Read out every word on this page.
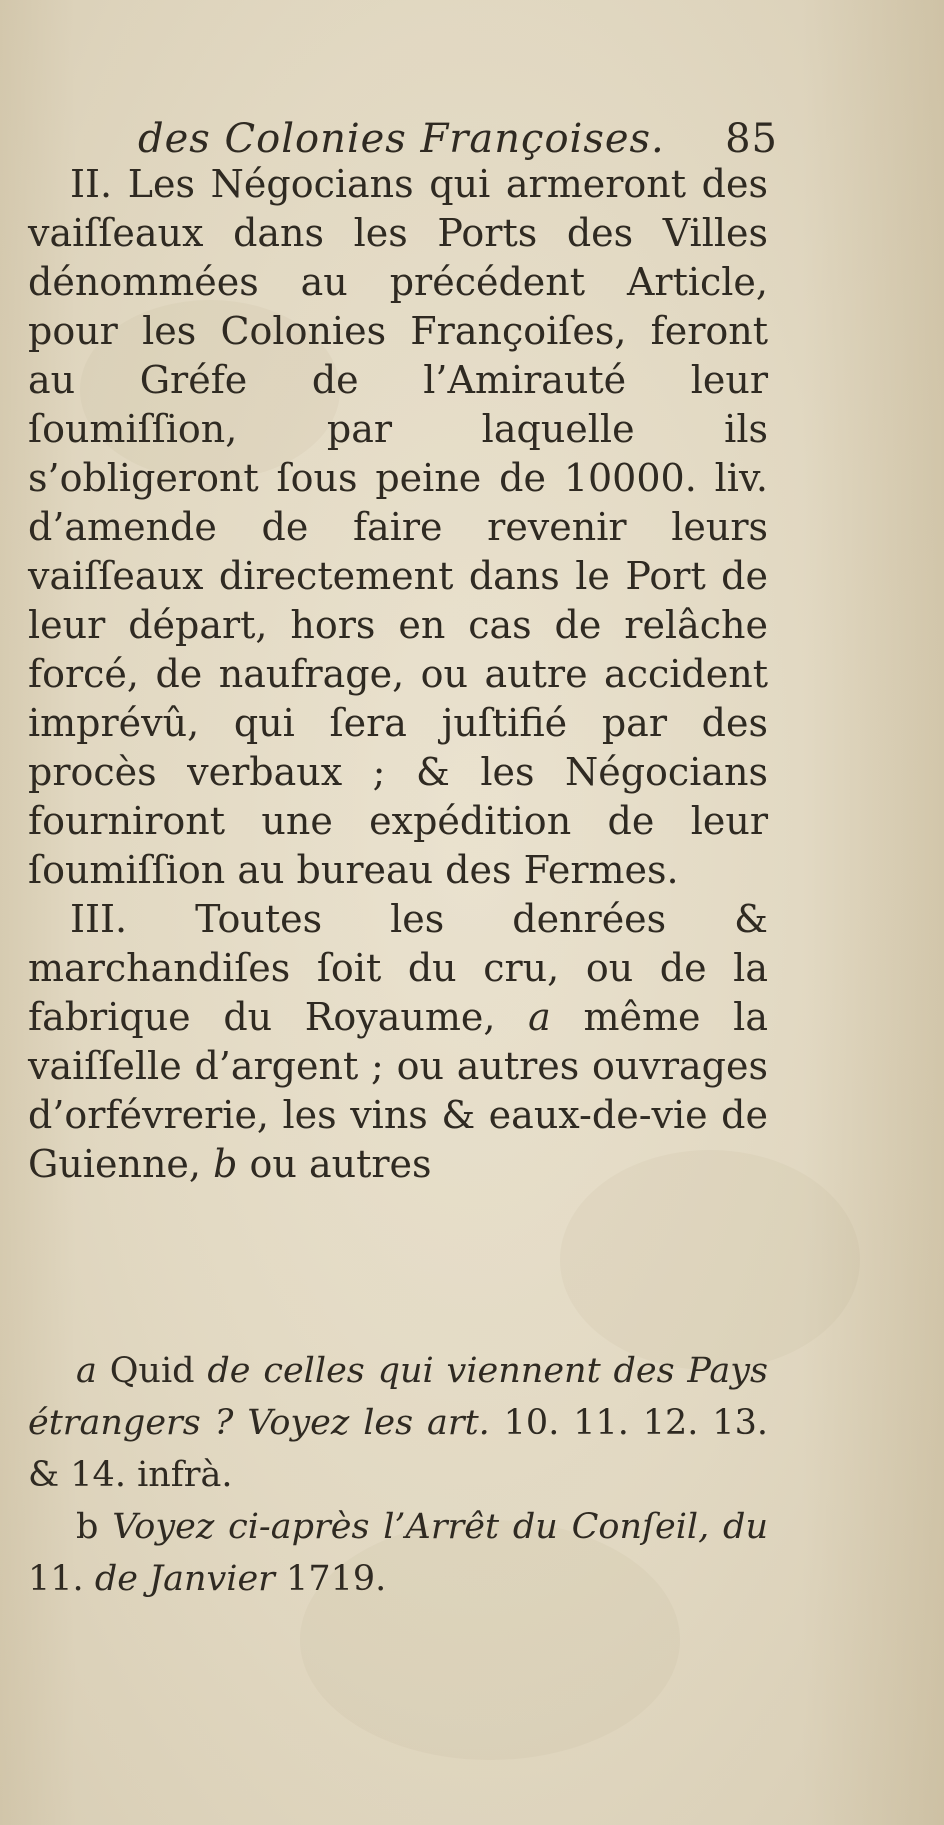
des Colonies Françoises. 85

II. Les Négocians qui armeront des vaiſſeaux dans les Ports des Villes dénommées au précédent Article, pour les Colonies Françoiſes, feront au Gréfe de l’Amirauté leur ſoumiſſion, par laquelle ils s’obligeront ſous peine de 10000. liv. d’amende de faire revenir leurs vaiſſeaux directement dans le Port de leur départ, hors en cas de relâche forcé, de naufrage, ou autre accident imprévû, qui ſera juſtifié par des procès verbaux ; & les Négocians fourniront une expédition de leur ſoumiſſion au bureau des Fermes.

III. Toutes les denrées & marchandiſes ſoit du cru, ou de la fabrique du Royaume, a même la vaiſſelle d’argent ; ou autres ouvrages d’orfévrerie, les vins & eaux-de-vie de Guienne, b ou autres

a Quid de celles qui viennent des Pays étrangers ? Voyez les art. 10. 11. 12. 13. & 14. infrà.

b Voyez ci-après l’Arrêt du Conſeil, du 11. de Janvier 1719.
